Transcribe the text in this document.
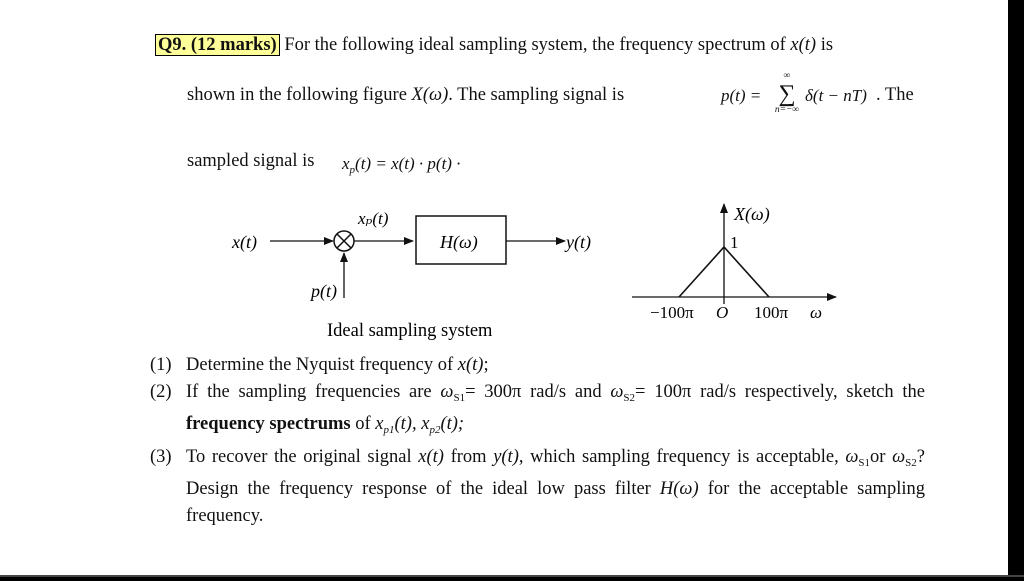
Q9. (12 marks) For the following ideal sampling system, the frequency spectrum of x(t) is
shown in the following figure X(ω). The sampling signal is	p(t) =
∞
∑
n=−∞
δ(t − nT) . The
sampled signal is $x_p(t) = x(t) \cdot p(t)$ ·
x(t)
xₚ(t)
H(ω)	y(t)
p(t)
Ideal sampling system
X(ω)
1
−100π O 100π ω
(1) Determine the Nyquist frequency of x(t);
(2) If the sampling frequencies are $\omega_{S1}= 300\pi$ rad/s and $\omega_{S2}= 100\pi$ rad/s respectively, sketch the frequency spectrums of $x_{p1}(t)$, $x_{p2}(t)$;
(3) To recover the original signal x(t) from y(t), which sampling frequency is acceptable, $\omega_{S1}or$ $\omega_{S2}$? Design the frequency response of the ideal low pass filter H(ω) for the acceptable sampling frequency.
